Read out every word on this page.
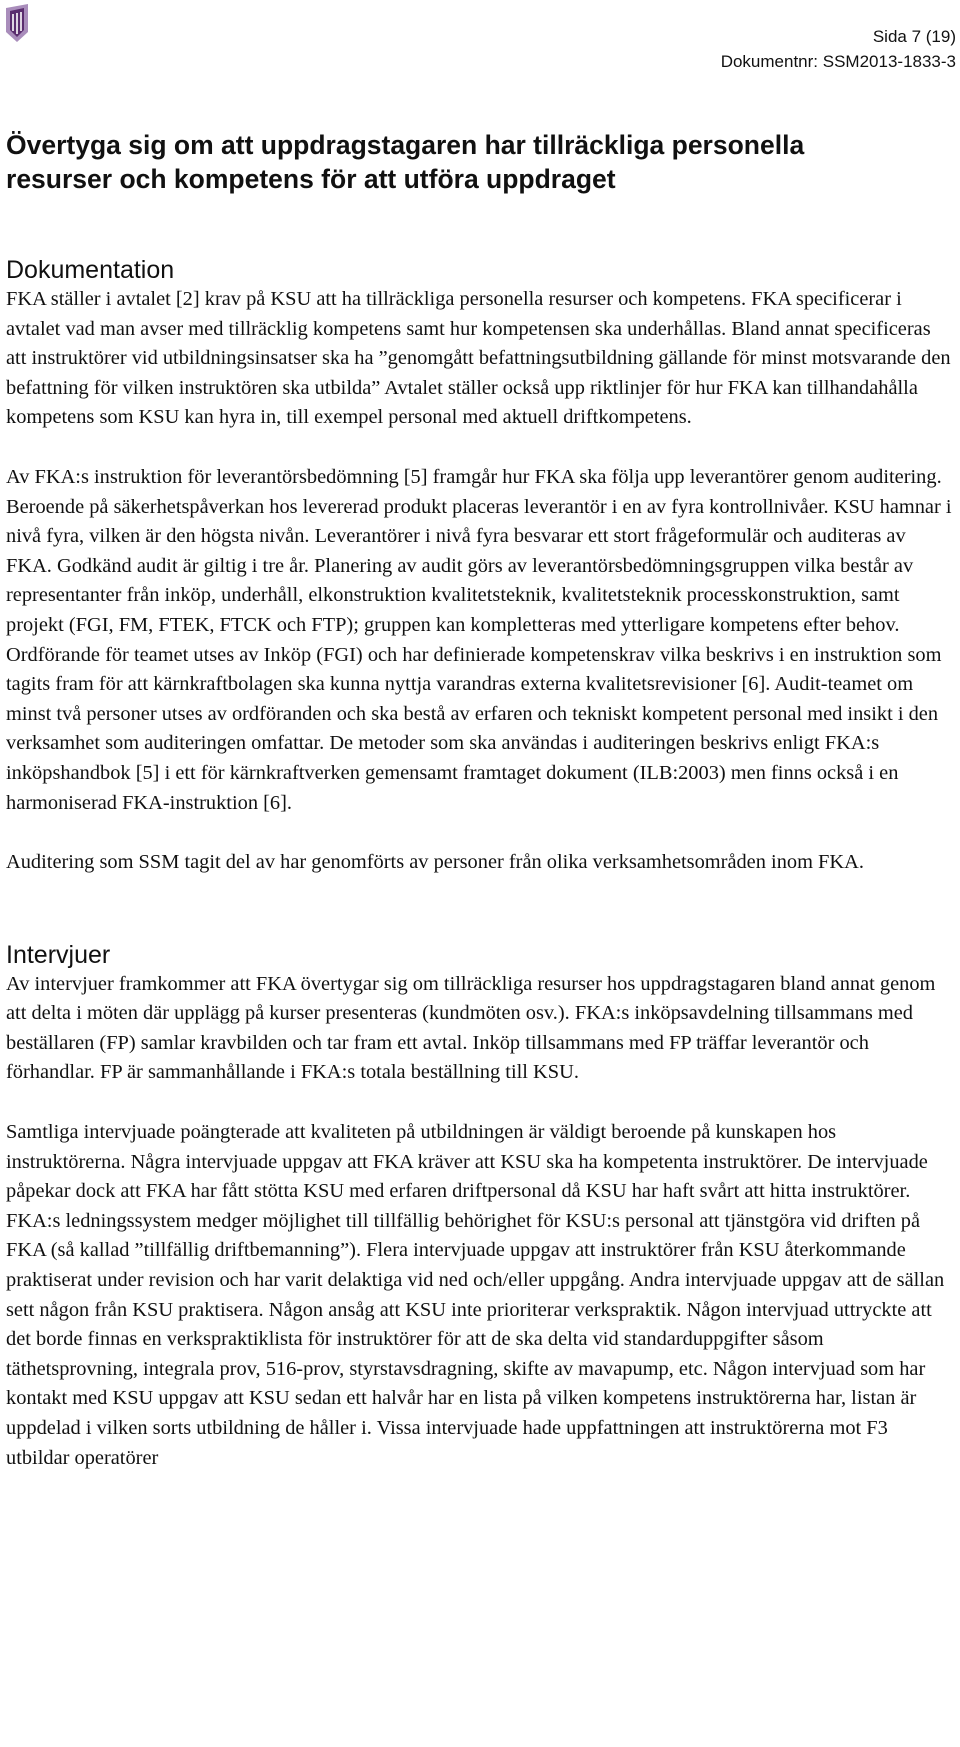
Sida 7 (19)
Dokumentnr: SSM2013-1833-3
Övertyga sig om att uppdragstagaren har tillräckliga personella resurser och kompetens för att utföra uppdraget
Dokumentation

FKA ställer i avtalet [2] krav på KSU att ha tillräckliga personella resurser och kompetens. FKA specificerar i avtalet vad man avser med tillräcklig kompetens samt hur kompetensen ska underhållas. Bland annat specificeras att instruktörer vid utbildningsinsatser ska ha ”genomgått befattningsutbildning gällande för minst motsvarande den befattning för vilken instruktören ska utbilda” Avtalet ställer också upp riktlinjer för hur FKA kan tillhandahålla kompetens som KSU kan hyra in, till exempel personal med aktuell driftkompetens.

Av FKA:s instruktion för leverantörsbedömning [5] framgår hur FKA ska följa upp leverantörer genom auditering. Beroende på säkerhetspåverkan hos levererad produkt placeras leverantör i en av fyra kontrollnivåer. KSU hamnar i nivå fyra, vilken är den högsta nivån. Leverantörer i nivå fyra besvarar ett stort frågeformulär och auditeras av FKA. Godkänd audit är giltig i tre år. Planering av audit görs av leverantörsbedömningsgruppen vilka består av representanter från inköp, underhåll, elkonstruktion kvalitetsteknik, kvalitetsteknik processkonstruktion, samt projekt (FGI, FM, FTEK, FTCK och FTP); gruppen kan kompletteras med ytterligare kompetens efter behov. Ordförande för teamet utses av Inköp (FGI) och har definierade kompetenskrav vilka beskrivs i en instruktion som tagits fram för att kärnkraftbolagen ska kunna nyttja varandras externa kvalitetsrevisioner [6]. Audit-teamet om minst två personer utses av ordföranden och ska bestå av erfaren och tekniskt kompetent personal med insikt i den verksamhet som auditeringen omfattar. De metoder som ska användas i auditeringen beskrivs enligt FKA:s inköpshandbok [5] i ett för kärnkraftverken gemensamt framtaget dokument (ILB:2003) men finns också i en harmoniserad FKA-instruktion [6].

Auditering som SSM tagit del av har genomförts av personer från olika verksamhetsområden inom FKA.

Intervjuer

Av intervjuer framkommer att FKA övertygar sig om tillräckliga resurser hos uppdragstagaren bland annat genom att delta i möten där upplägg på kurser presenteras (kundmöten osv.). FKA:s inköpsavdelning tillsammans med beställaren (FP) samlar kravbilden och tar fram ett avtal. Inköp tillsammans med FP träffar leverantör och förhandlar. FP är sammanhållande i FKA:s totala beställning till KSU.

Samtliga intervjuade poängterade att kvaliteten på utbildningen är väldigt beroende på kunskapen hos instruktörerna. Några intervjuade uppgav att FKA kräver att KSU ska ha kompetenta instruktörer. De intervjuade påpekar dock att FKA har fått stötta KSU med erfaren driftpersonal då KSU har haft svårt att hitta instruktörer. FKA:s ledningssystem medger möjlighet till tillfällig behörighet för KSU:s personal att tjänstgöra vid driften på FKA (så kallad ”tillfällig driftbemanning”). Flera intervjuade uppgav att instruktörer från KSU återkommande praktiserat under revision och har varit delaktiga vid ned och/eller uppgång. Andra intervjuade uppgav att de sällan sett någon från KSU praktisera. Någon ansåg att KSU inte prioriterar verkspraktik. Någon intervjuad uttryckte att det borde finnas en verkspraktiklista för instruktörer för att de ska delta vid standarduppgifter såsom täthetsprovning, integrala prov, 516-prov, styrstavsdragning, skifte av mavapump, etc. Någon intervjuad som har kontakt med KSU uppgav att KSU sedan ett halvår har en lista på vilken kompetens instruktörerna har, listan är uppdelad i vilken sorts utbildning de håller i. Vissa intervjuade hade uppfattningen att instruktörerna mot F3 utbildar operatörer
